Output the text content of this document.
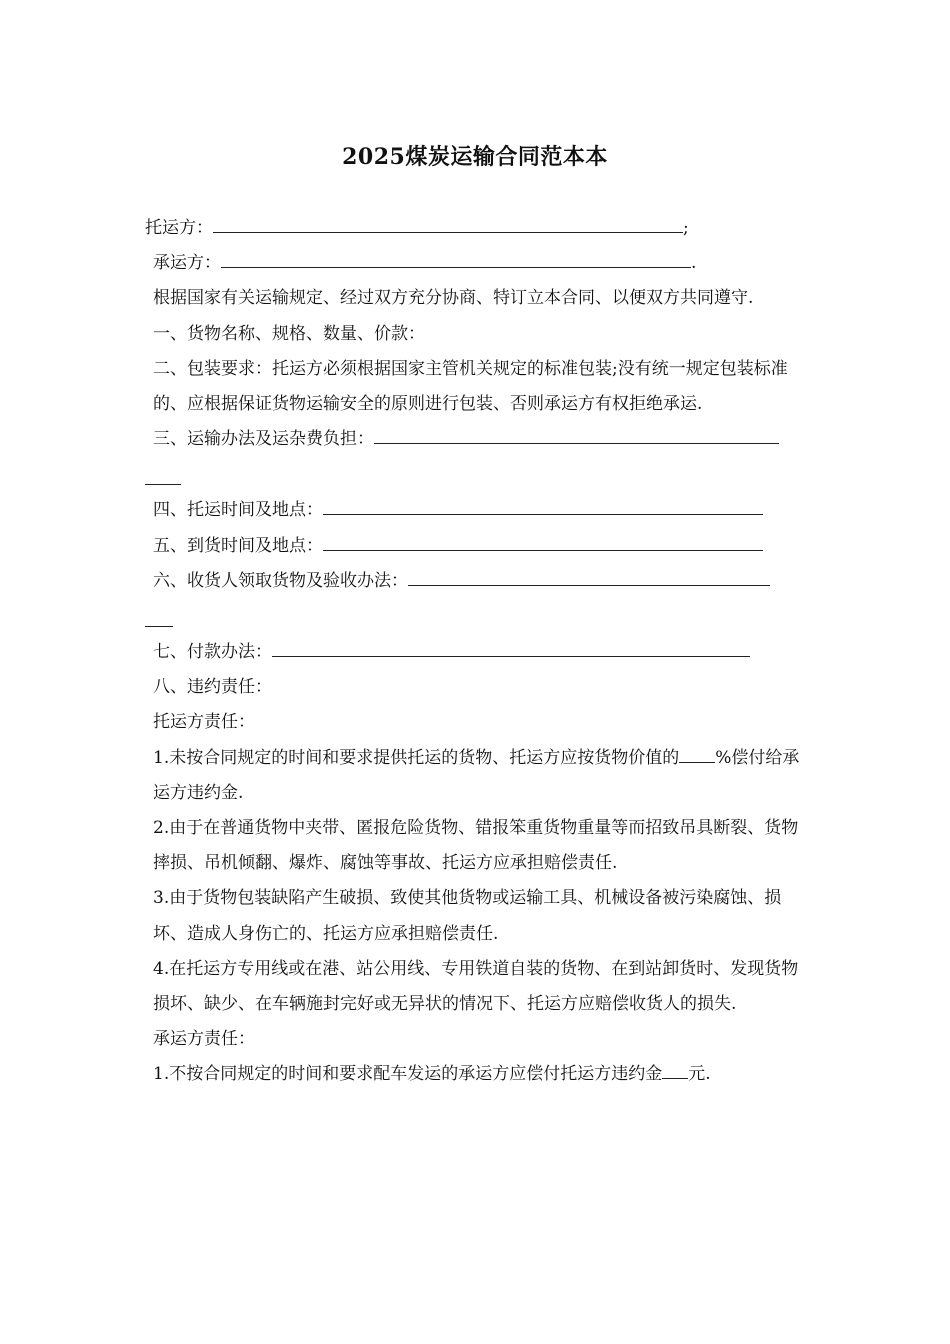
2025煤炭运输合同范本本

托运方：	;

承运方：	.

根据国家有关运输规定、经过双方充分协商、特订立本合同、以便双方共同遵守.

一、货物名称、规格、数量、价款：

二、包装要求：托运方必须根据国家主管机关规定的标准包装;没有统一规定包装标准的、应根据保证货物运输安全的原则进行包装、否则承运方有权拒绝承运.

三、运输办法及运杂费负担：

四、托运时间及地点：

五、到货时间及地点：

六、收货人领取货物及验收办法：

七、付款办法：

八、违约责任：

托运方责任：

1.未按合同规定的时间和要求提供托运的货物、托运方应按货物价值的 %偿付给承运方违约金.

2.由于在普通货物中夹带、匿报危险货物、错报笨重货物重量等而招致吊具断裂、货物摔损、吊机倾翻、爆炸、腐蚀等事故、托运方应承担赔偿责任.

3.由于货物包装缺陷产生破损、致使其他货物或运输工具、机械设备被污染腐蚀、损坏、造成人身伤亡的、托运方应承担赔偿责任.

4.在托运方专用线或在港、站公用线、专用铁道自装的货物、在到站卸货时、发现货物损坏、缺少、在车辆施封完好或无异状的情况下、托运方应赔偿收货人的损失.

承运方责任：

1.不按合同规定的时间和要求配车发运的承运方应偿付托运方违约金 元.
